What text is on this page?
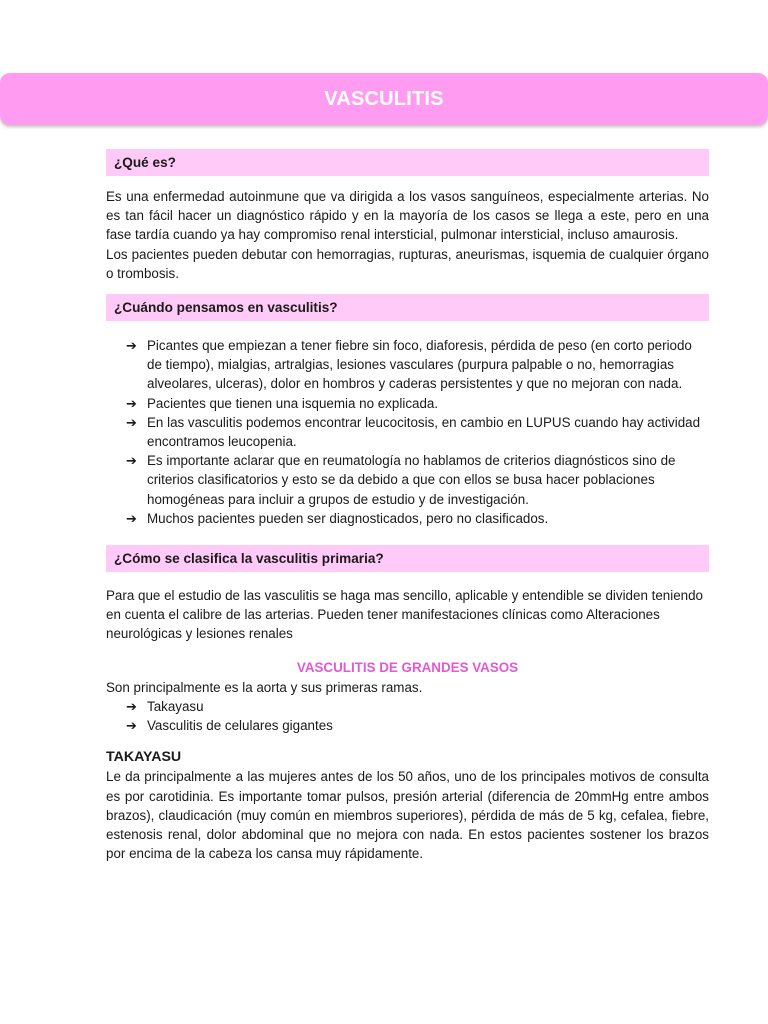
VASCULITIS
¿Qué es?

Es una enfermedad autoinmune que va dirigida a los vasos sanguíneos, especialmente arterias. No es tan fácil hacer un diagnóstico rápido y en la mayoría de los casos se llega a este, pero en una fase tardía cuando ya hay compromiso renal intersticial, pulmonar intersticial, incluso amaurosis.

Los pacientes pueden debutar con hemorragias, rupturas, aneurismas, isquemia de cualquier órgano o trombosis.

¿Cuándo pensamos en vasculitis?
➔ Picantes que empiezan a tener fiebre sin foco, diaforesis, pérdida de peso (en corto periodo de tiempo), mialgias, artralgias, lesiones vasculares (purpura palpable o no, hemorragias alveolares, ulceras), dolor en hombros y caderas persistentes y que no mejoran con nada.
➔ Pacientes que tienen una isquemia no explicada.
➔ En las vasculitis podemos encontrar leucocitosis, en cambio en LUPUS cuando hay actividad encontramos leucopenia.
➔ Es importante aclarar que en reumatología no hablamos de criterios diagnósticos sino de criterios clasificatorios y esto se da debido a que con ellos se busa hacer poblaciones homogéneas para incluir a grupos de estudio y de investigación.
➔ Muchos pacientes pueden ser diagnosticados, pero no clasificados.
¿Cómo se clasifica la vasculitis primaria?

Para que el estudio de las vasculitis se haga mas sencillo, aplicable y entendible se dividen teniendo en cuenta el calibre de las arterias. Pueden tener manifestaciones clínicas como Alteraciones neurológicas y lesiones renales

VASCULITIS DE GRANDES VASOS

Son principalmente es la aorta y sus primeras ramas.

➔ Takayasu
➔ Vasculitis de celulares gigantes
TAKAYASU

Le da principalmente a las mujeres antes de los 50 años, uno de los principales motivos de consulta es por carotidinia. Es importante tomar pulsos, presión arterial (diferencia de 20mmHg entre ambos brazos), claudicación (muy común en miembros superiores), pérdida de más de 5 kg, cefalea, fiebre, estenosis renal, dolor abdominal que no mejora con nada. En estos pacientes sostener los brazos por encima de la cabeza los cansa muy rápidamente.
